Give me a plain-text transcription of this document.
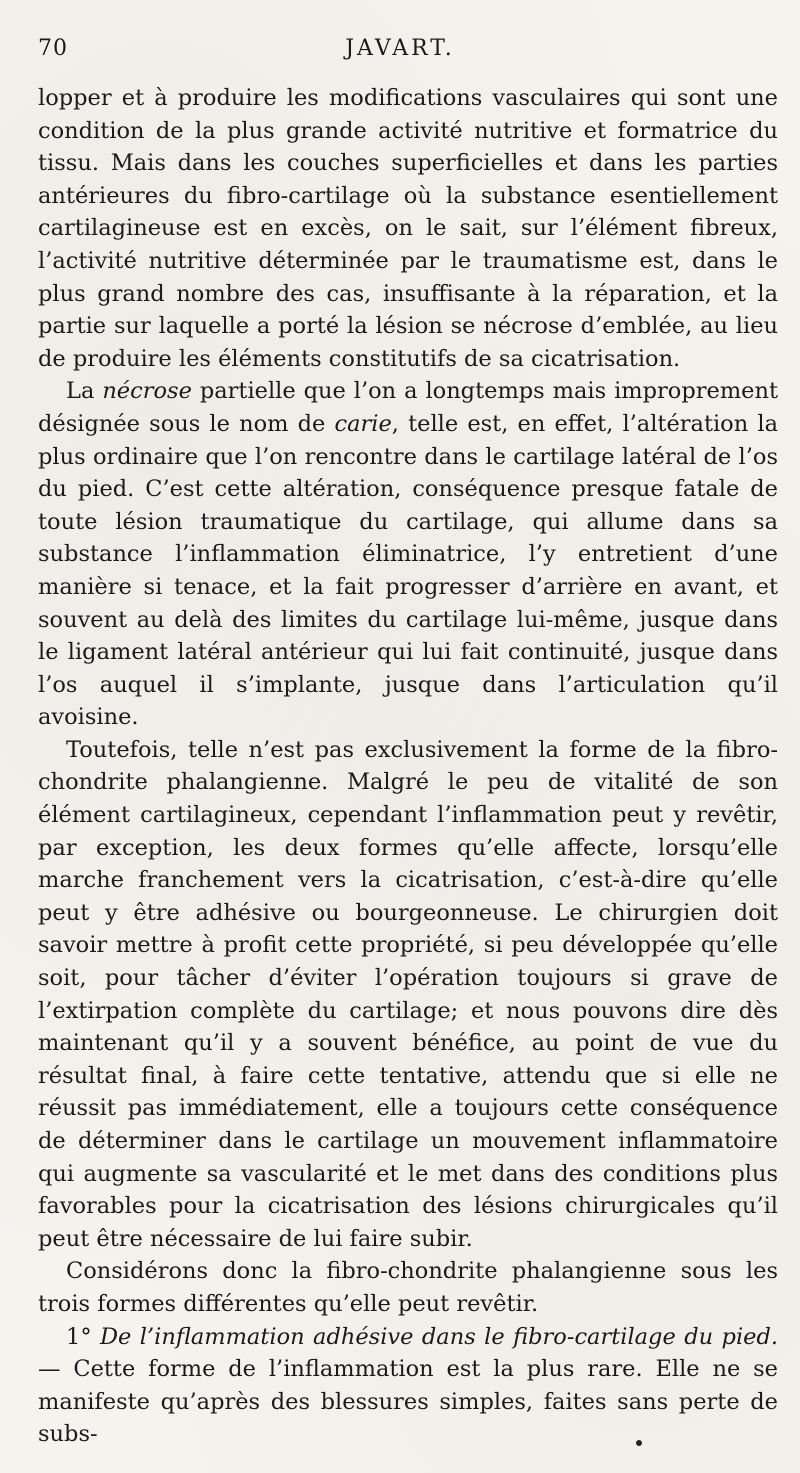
70	JAVART.

lopper et à produire les modifications vasculaires qui sont une condition de la plus grande activité nutritive et formatrice du tissu. Mais dans les couches superficielles et dans les parties antérieures du fibro-cartilage où la substance esentiellement cartilagineuse est en excès, on le sait, sur l’élément fibreux, l’activité nutritive déterminée par le traumatisme est, dans le plus grand nombre des cas, insuffisante à la réparation, et la partie sur laquelle a porté la lésion se nécrose d’emblée, au lieu de produire les éléments constitutifs de sa cicatrisation.

La nécrose partielle que l’on a longtemps mais improprement désignée sous le nom de carie, telle est, en effet, l’altération la plus ordinaire que l’on rencontre dans le cartilage latéral de l’os du pied. C’est cette altération, conséquence presque fatale de toute lésion traumatique du cartilage, qui allume dans sa substance l’inflammation éliminatrice, l’y entretient d’une manière si tenace, et la fait progresser d’arrière en avant, et souvent au delà des limites du cartilage lui-même, jusque dans le ligament latéral antérieur qui lui fait continuité, jusque dans l’os auquel il s’implante, jusque dans l’articulation qu’il avoisine.

Toutefois, telle n’est pas exclusivement la forme de la fibro-chondrite phalangienne. Malgré le peu de vitalité de son élément cartilagineux, cependant l’inflammation peut y revêtir, par exception, les deux formes qu’elle affecte, lorsqu’elle marche franchement vers la cicatrisation, c’est-à-dire qu’elle peut y être adhésive ou bourgeonneuse. Le chirurgien doit savoir mettre à profit cette propriété, si peu développée qu’elle soit, pour tâcher d’éviter l’opération toujours si grave de l’extirpation complète du cartilage; et nous pouvons dire dès maintenant qu’il y a souvent bénéfice, au point de vue du résultat final, à faire cette tentative, attendu que si elle ne réussit pas immédiatement, elle a toujours cette conséquence de déterminer dans le cartilage un mouvement inflammatoire qui augmente sa vascularité et le met dans des conditions plus favorables pour la cicatrisation des lésions chirurgicales qu’il peut être nécessaire de lui faire subir.

Considérons donc la fibro-chondrite phalangienne sous les trois formes différentes qu’elle peut revêtir.

1° De l’inflammation adhésive dans le fibro-cartilage du pied.— Cette forme de l’inflammation est la plus rare. Elle ne se manifeste qu’après des blessures simples, faites sans perte de subs-
